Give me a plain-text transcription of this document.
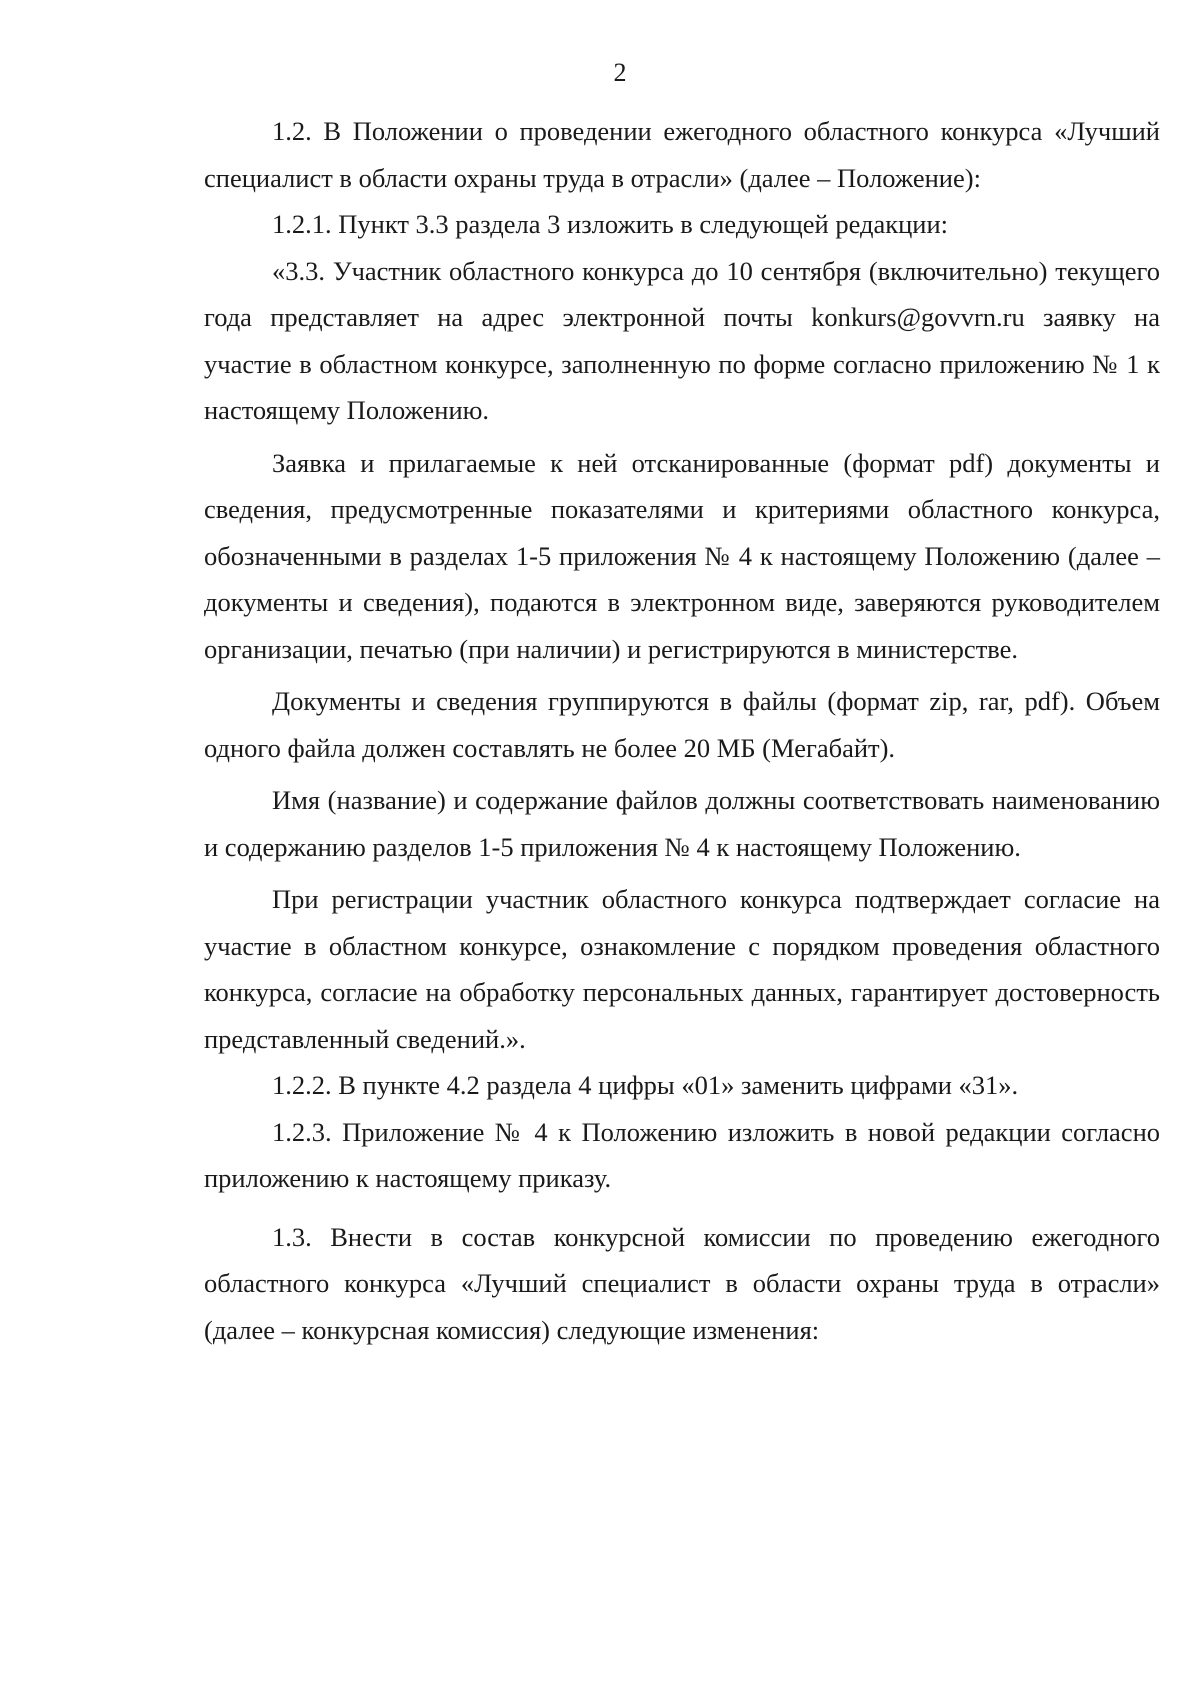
2

1.2. В Положении о проведении ежегодного областного конкурса «Лучший специалист в области охраны труда в отрасли» (далее – Положение):

1.2.1. Пункт 3.3 раздела 3 изложить в следующей редакции:

«3.3. Участник областного конкурса до 10 сентября (включительно) текущего года представляет на адрес электронной почты konkurs@govvrn.ru заявку на участие в областном конкурсе, заполненную по форме согласно приложению № 1 к настоящему Положению.

Заявка и прилагаемые к ней отсканированные (формат pdf) документы и сведения, предусмотренные показателями и критериями областного конкурса, обозначенными в разделах 1-5 приложения № 4 к настоящему Положению (далее – документы и сведения), подаются в электронном виде, заверяются руководителем организации, печатью (при наличии) и регистрируются в министерстве.

Документы и сведения группируются в файлы (формат zip, rar, pdf). Объем одного файла должен составлять не более 20 МБ (Мегабайт).

Имя (название) и содержание файлов должны соответствовать наименованию и содержанию разделов 1-5 приложения № 4 к настоящему Положению.

При регистрации участник областного конкурса подтверждает согласие на участие в областном конкурсе, ознакомление с порядком проведения областного конкурса, согласие на обработку персональных данных, гарантирует достоверность представленный сведений.».

1.2.2. В пункте 4.2 раздела 4 цифры «01» заменить цифрами «31».

1.2.3. Приложение № 4 к Положению изложить в новой редакции согласно приложению к настоящему приказу.

1.3. Внести в состав конкурсной комиссии по проведению ежегодного областного конкурса «Лучший специалист в области охраны труда в отрасли» (далее – конкурсная комиссия) следующие изменения:
